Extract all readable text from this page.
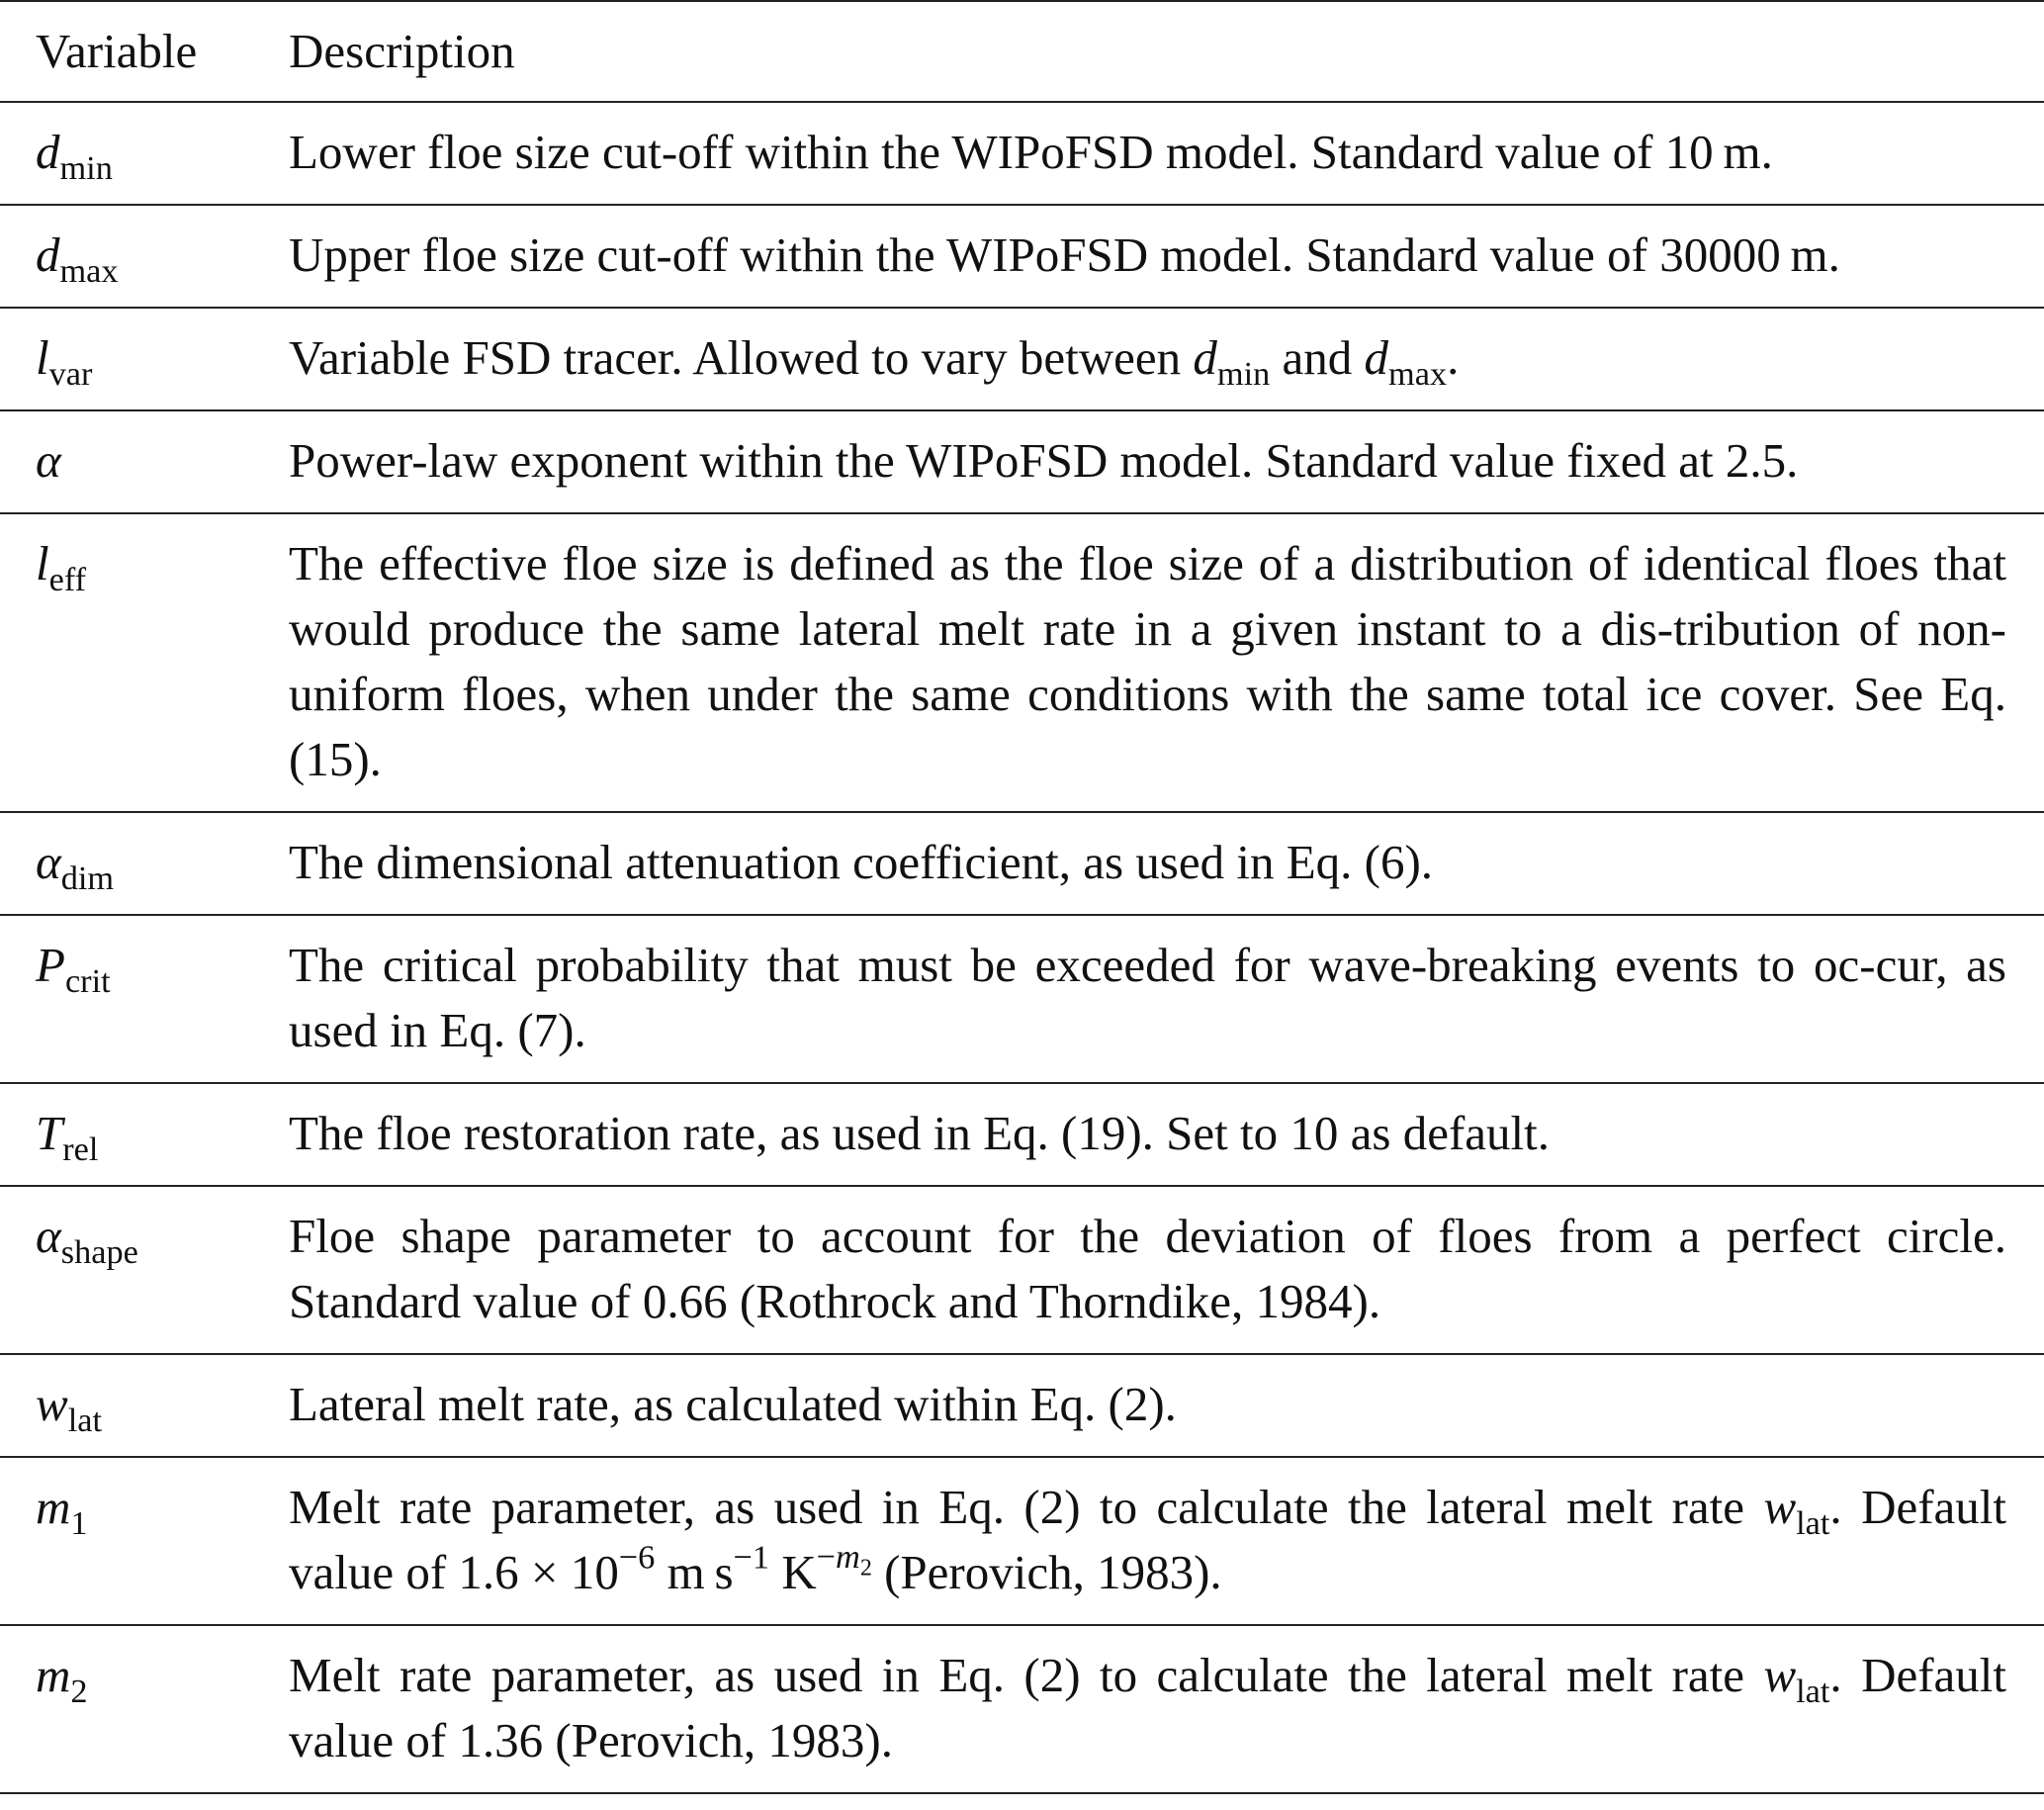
Variable	Description
$d_{min}$	Lower floe size cut-off within the WIPoFSD model. Standard value of 10 m.
$d_{max}$	Upper floe size cut-off within the WIPoFSD model. Standard value of 30000 m.
$l_{var}$	Variable FSD tracer. Allowed to vary between $d_{min}$ and $d_{max}$.
α	Power-law exponent within the WIPoFSD model. Standard value fixed at 2.5.
$l_{eff}$	The effective floe size is defined as the floe size of a distribution of identical floes that would produce the same lateral melt rate in a given instant to a dis-tribution of non-uniform floes, when under the same conditions with the same total ice cover. See Eq. (15).
$\alpha_{dim}$	The dimensional attenuation coefficient, as used in Eq. (6).
$P_{crit}$	The critical probability that must be exceeded for wave-breaking events to oc-cur, as used in Eq. (7).
$T_{rel}$	The floe restoration rate, as used in Eq. (19). Set to 10 as default.
$\alpha_{shape}$	Floe shape parameter to account for the deviation of floes from a perfect circle. Standard value of 0.66 (Rothrock and Thorndike, 1984).
$w_{lat}$	Lateral melt rate, as calculated within Eq. (2).
$m_1$	Melt rate parameter, as used in Eq. (2) to calculate the lateral melt rate $w_{lat}$. Default value of $1.6 \times 10^{-6}$ m $s^{-1}$ $K^{-m_2}$ (Perovich, 1983).
$m_2$	Melt rate parameter, as used in Eq. (2) to calculate the lateral melt rate $w_{lat}$. Default value of 1.36 (Perovich, 1983).
